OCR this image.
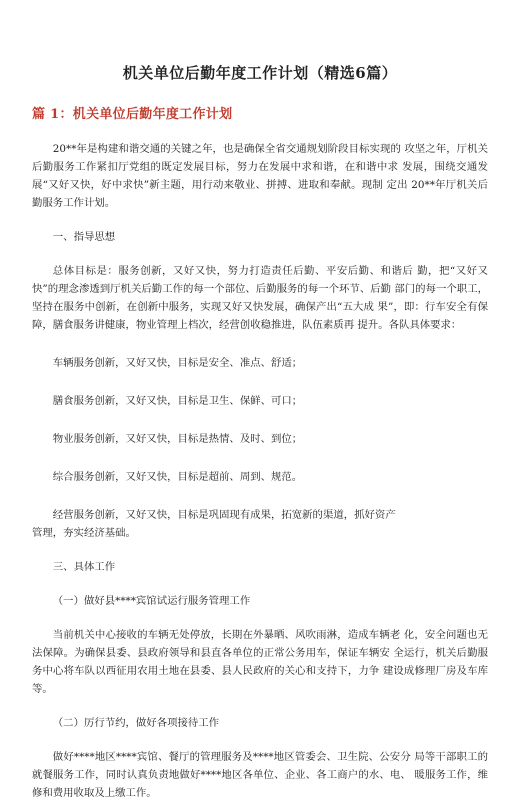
机关单位后勤年度工作计划（精选6篇）
篇 1：机关单位后勤年度工作计划

20**年是构建和谐交通的关键之年，也是确保全省交通规划阶段目标实现的 攻坚之年，厅机关后勤服务工作紧扣厅党组的既定发展目标，努力在发展中求和谐，在和谐中求 发展，围绕交通发展“又好又快，好中求快”新主题，用行动来敬业、拼搏、进取和奉献。现制 定出 20**年厅机关后勤服务工作计划。

一、指导思想

总体目标是：服务创新，又好又快，努力打造责任后勤、平安后勤、和谐后 勤，把“又好又快”的理念渗透到厅机关后勤工作的每一个部位、后勤服务的每一个环节、后勤 部门的每一个职工，坚持在服务中创新，在创新中服务，实现又好又快发展，确保产出“五大成 果”，即：行车安全有保障，膳食服务讲健康，物业管理上档次，经营创收稳推进，队伍素质再 提升。各队具体要求：

车辆服务创新，又好又快，目标是安全、准点、舒适；

膳食服务创新，又好又快，目标是卫生、保鲜、可口；

物业服务创新，又好又快，目标是热情、及时、到位；

综合服务创新，又好又快，目标是超前、周到、规范。

经营服务创新，又好又快，目标是巩固现有成果，拓宽新的渠道，抓好资产

管理，夯实经济基础。

三、具体工作

（一）做好县****宾馆试运行服务管理工作

当前机关中心接收的车辆无处停放，长期在外暴晒、风吹雨淋，造成车辆老 化，安全问题也无法保障。为确保县委、县政府领导和县直各单位的正常公务用车，保证车辆安 全运行，机关后勤服务中心将车队以西征用农用土地在县委、县人民政府的关心和支持下，力争 建设成修理厂房及车库等。

（二）厉行节约，做好各项接待工作

做好****地区****宾馆、餐厅的管理服务及****地区管委会、卫生院、公安分 局等干部职工的就餐服务工作，同时认真负责地做好****地区各单位、企业、各工商户的水、电、 暖服务工作，维修和费用收取及上缴工作。
